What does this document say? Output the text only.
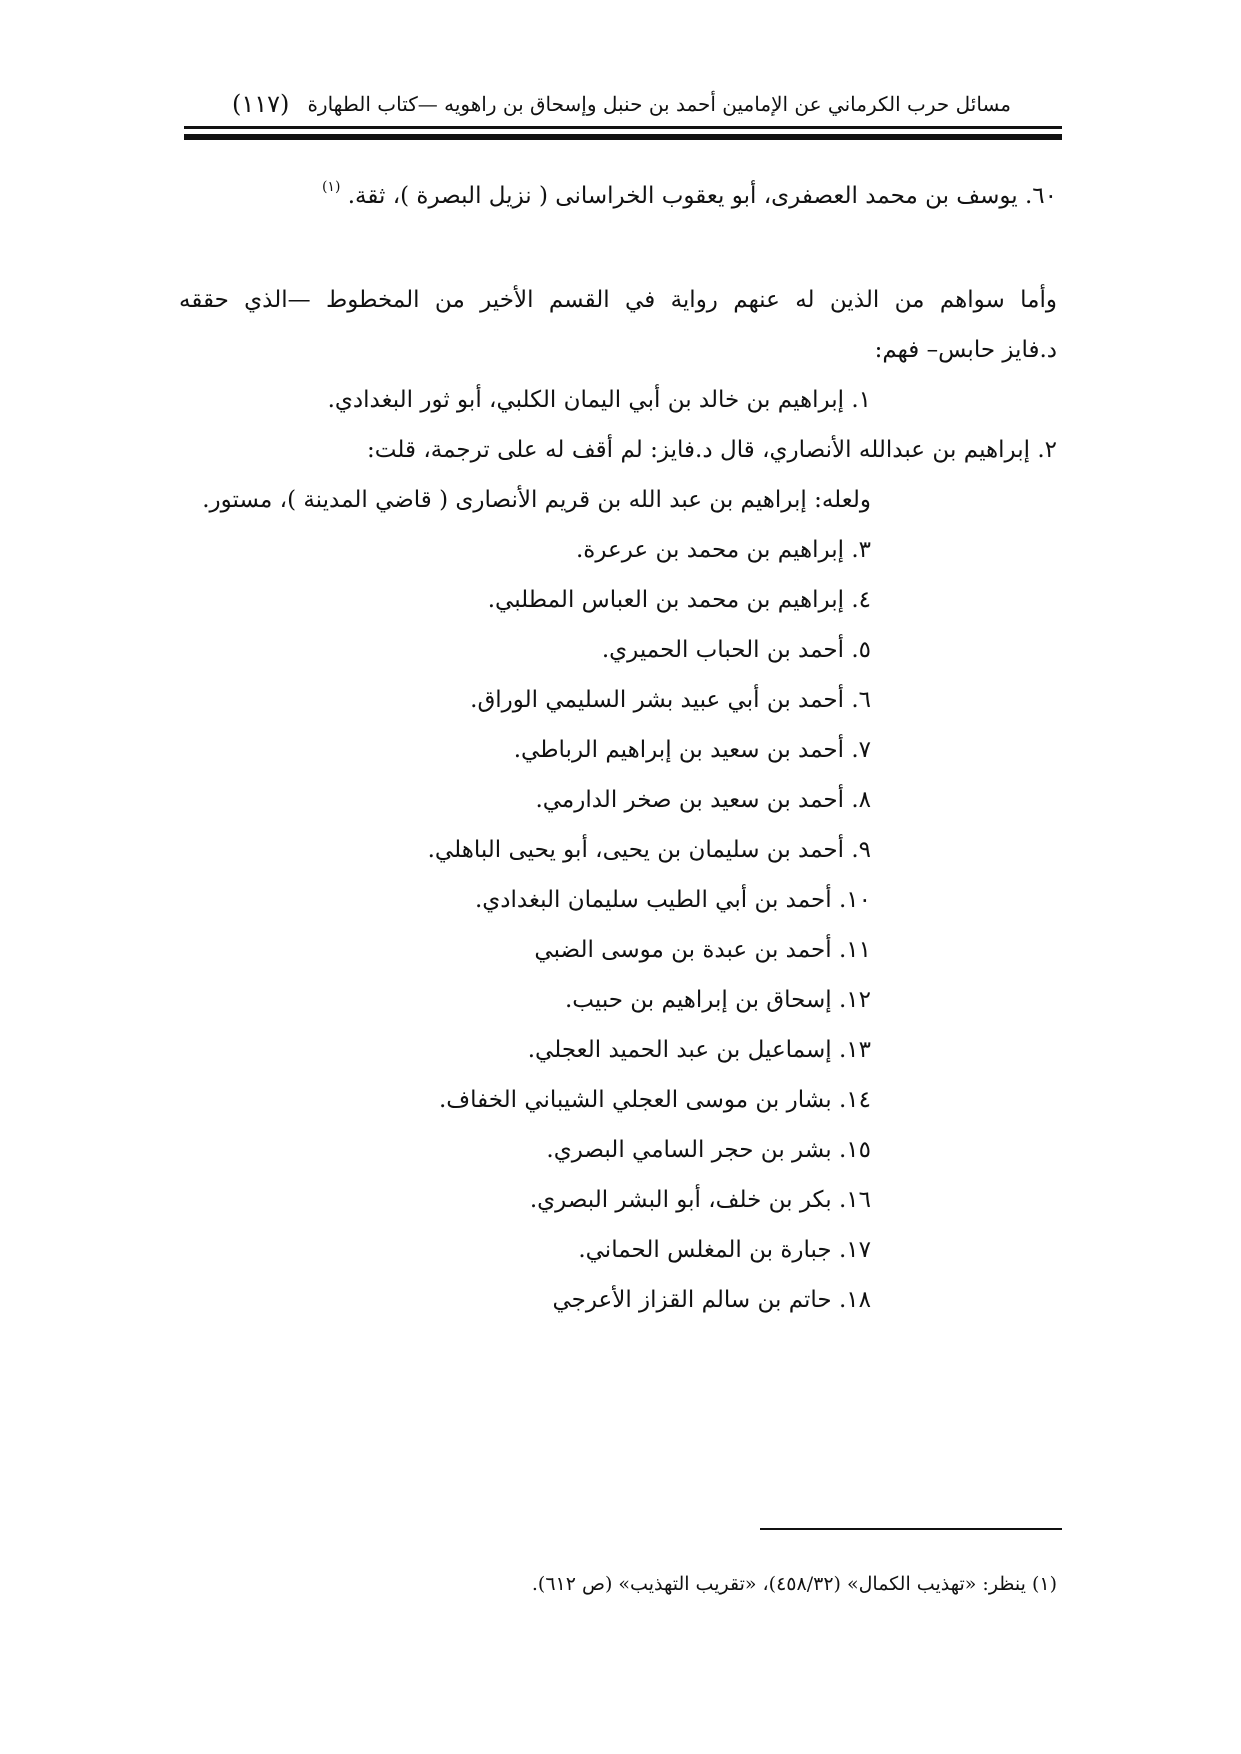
مسائل حرب الكرماني عن الإمامين أحمد بن حنبل وإسحاق بن راهويه —كتاب الطهارة
(١١٧)
٦٠. يوسف بن محمد العصفرى، أبو يعقوب الخراسانى ( نزيل البصرة )، ثقة. $^{(١)}$
وأما سواهم من الذين له عنهم رواية في القسم الأخير من المخطوط —الذي حققه
د.فايز حابس– فهم:
١. إبراهيم بن خالد بن أبي اليمان الكلبي، أبو ثور البغدادي.
٢. إبراهيم بن عبدالله الأنصاري، قال د.فايز: لم أقف له على ترجمة، قلت:
ولعله: إبراهيم بن عبد الله بن قريم الأنصارى ( قاضي المدينة )، مستور.
٣. إبراهيم بن محمد بن عرعرة.
٤. إبراهيم بن محمد بن العباس المطلبي.
٥. أحمد بن الحباب الحميري.
٦. أحمد بن أبي عبيد بشر السليمي الوراق.
٧. أحمد بن سعيد بن إبراهيم الرباطي.
٨. أحمد بن سعيد بن صخر الدارمي.
٩. أحمد بن سليمان بن يحيى، أبو يحيى الباهلي.
١٠. أحمد بن أبي الطيب سليمان البغدادي.
١١. أحمد بن عبدة بن موسى الضبي
١٢. إسحاق بن إبراهيم بن حبيب.
١٣. إسماعيل بن عبد الحميد العجلي.
١٤. بشار بن موسى العجلي الشيباني الخفاف.
١٥. بشر بن حجر السامي البصري.
١٦. بكر بن خلف، أبو البشر البصري.
١٧. جبارة بن المغلس الحماني.
١٨. حاتم بن سالم القزاز الأعرجي
(١) ينظر: «تهذيب الكمال» (٤٥٨/٣٢)، «تقريب التهذيب» (ص ٦١٢).
